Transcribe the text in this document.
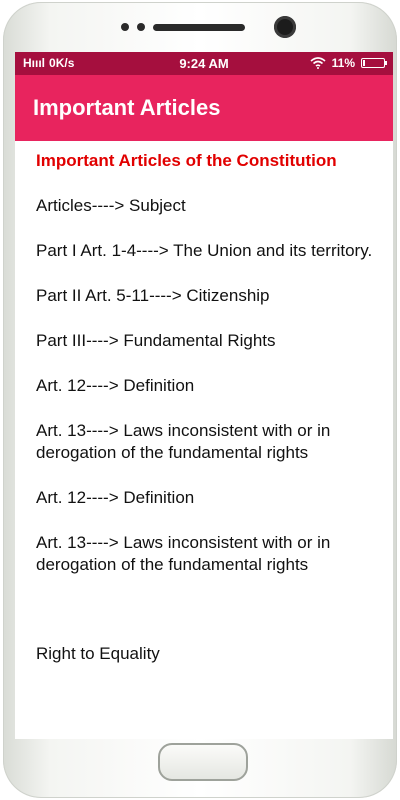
Hıııl 0K/s	9:24 AM	11%
Important Articles
Important Articles of the Constitution
Articles----> Subject
Part I Art. 1-4----> The Union and its territory.
Part II Art. 5-11----> Citizenship
Part III----> Fundamental Rights
Art. 12----> Definition
Art. 13----> Laws inconsistent with or in derogation of the fundamental rights
Art. 12----> Definition
Art. 13----> Laws inconsistent with or in derogation of the fundamental rights
Right to Equality
